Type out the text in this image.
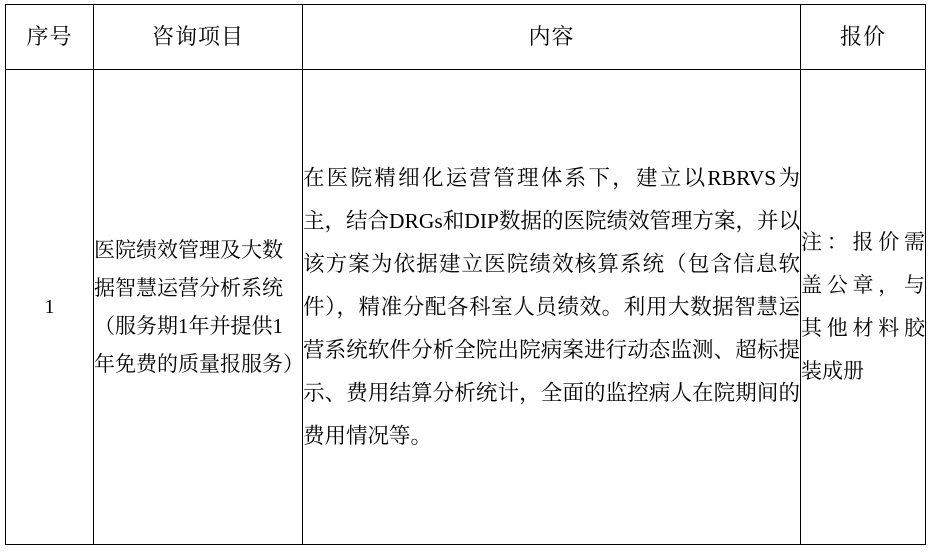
序号	咨询项目	内容	报价

1	医院绩效管理及大数据智慧运营分析系统（服务期1年并提供1年免费的质量报服务）	在医院精细化运营管理体系下，建立以RBRVS为主，结合DRGs和DIP数据的医院绩效管理方案，并以该方案为依据建立医院绩效核算系统（包含信息软件），精准分配各科室人员绩效。利用大数据智慧运营系统软件分析全院出院病案进行动态监测、超标提示、费用结算分析统计，全面的监控病人在院期间的费用情况等。	注：报价需盖公章，与其他材料胶装成册
